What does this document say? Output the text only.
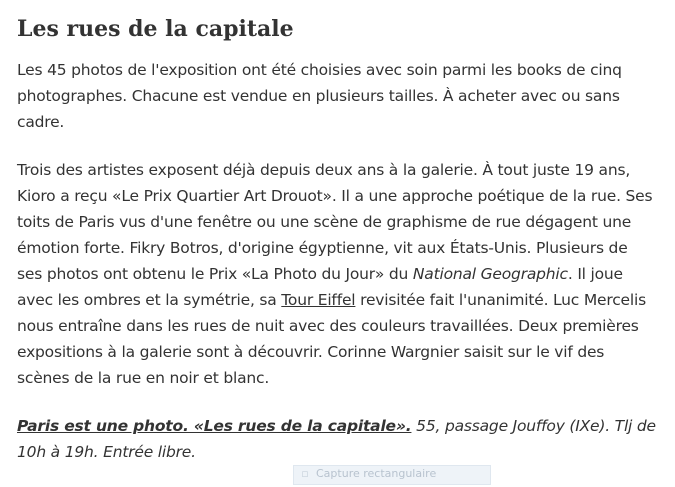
Les rues de la capitale

Les 45 photos de l'exposition ont été choisies avec soin parmi les books de cinq photographes. Chacune est vendue en plusieurs tailles. À acheter avec ou sans cadre.

Trois des artistes exposent déjà depuis deux ans à la galerie. À tout juste 19 ans, Kioro a reçu «Le Prix Quartier Art Drouot». Il a une approche poétique de la rue. Ses toits de Paris vus d'une fenêtre ou une scène de graphisme de rue dégagent une émotion forte. Fikry Botros, d'origine égyptienne, vit aux États-Unis. Plusieurs de ses photos ont obtenu le Prix «La Photo du Jour» du National Geographic. Il joue avec les ombres et la symétrie, sa Tour Eiffel revisitée fait l'unanimité. Luc Mercelis nous entraîne dans les rues de nuit avec des couleurs travaillées. Deux premières expositions à la galerie sont à découvrir. Corinne Wargnier saisit sur le vif des scènes de la rue en noir et blanc.

Paris est une photo. «Les rues de la capitale». 55, passage Jouffoy (IXe). Tlj de 10h à 19h. Entrée libre.

▫ Capture rectangulaire
